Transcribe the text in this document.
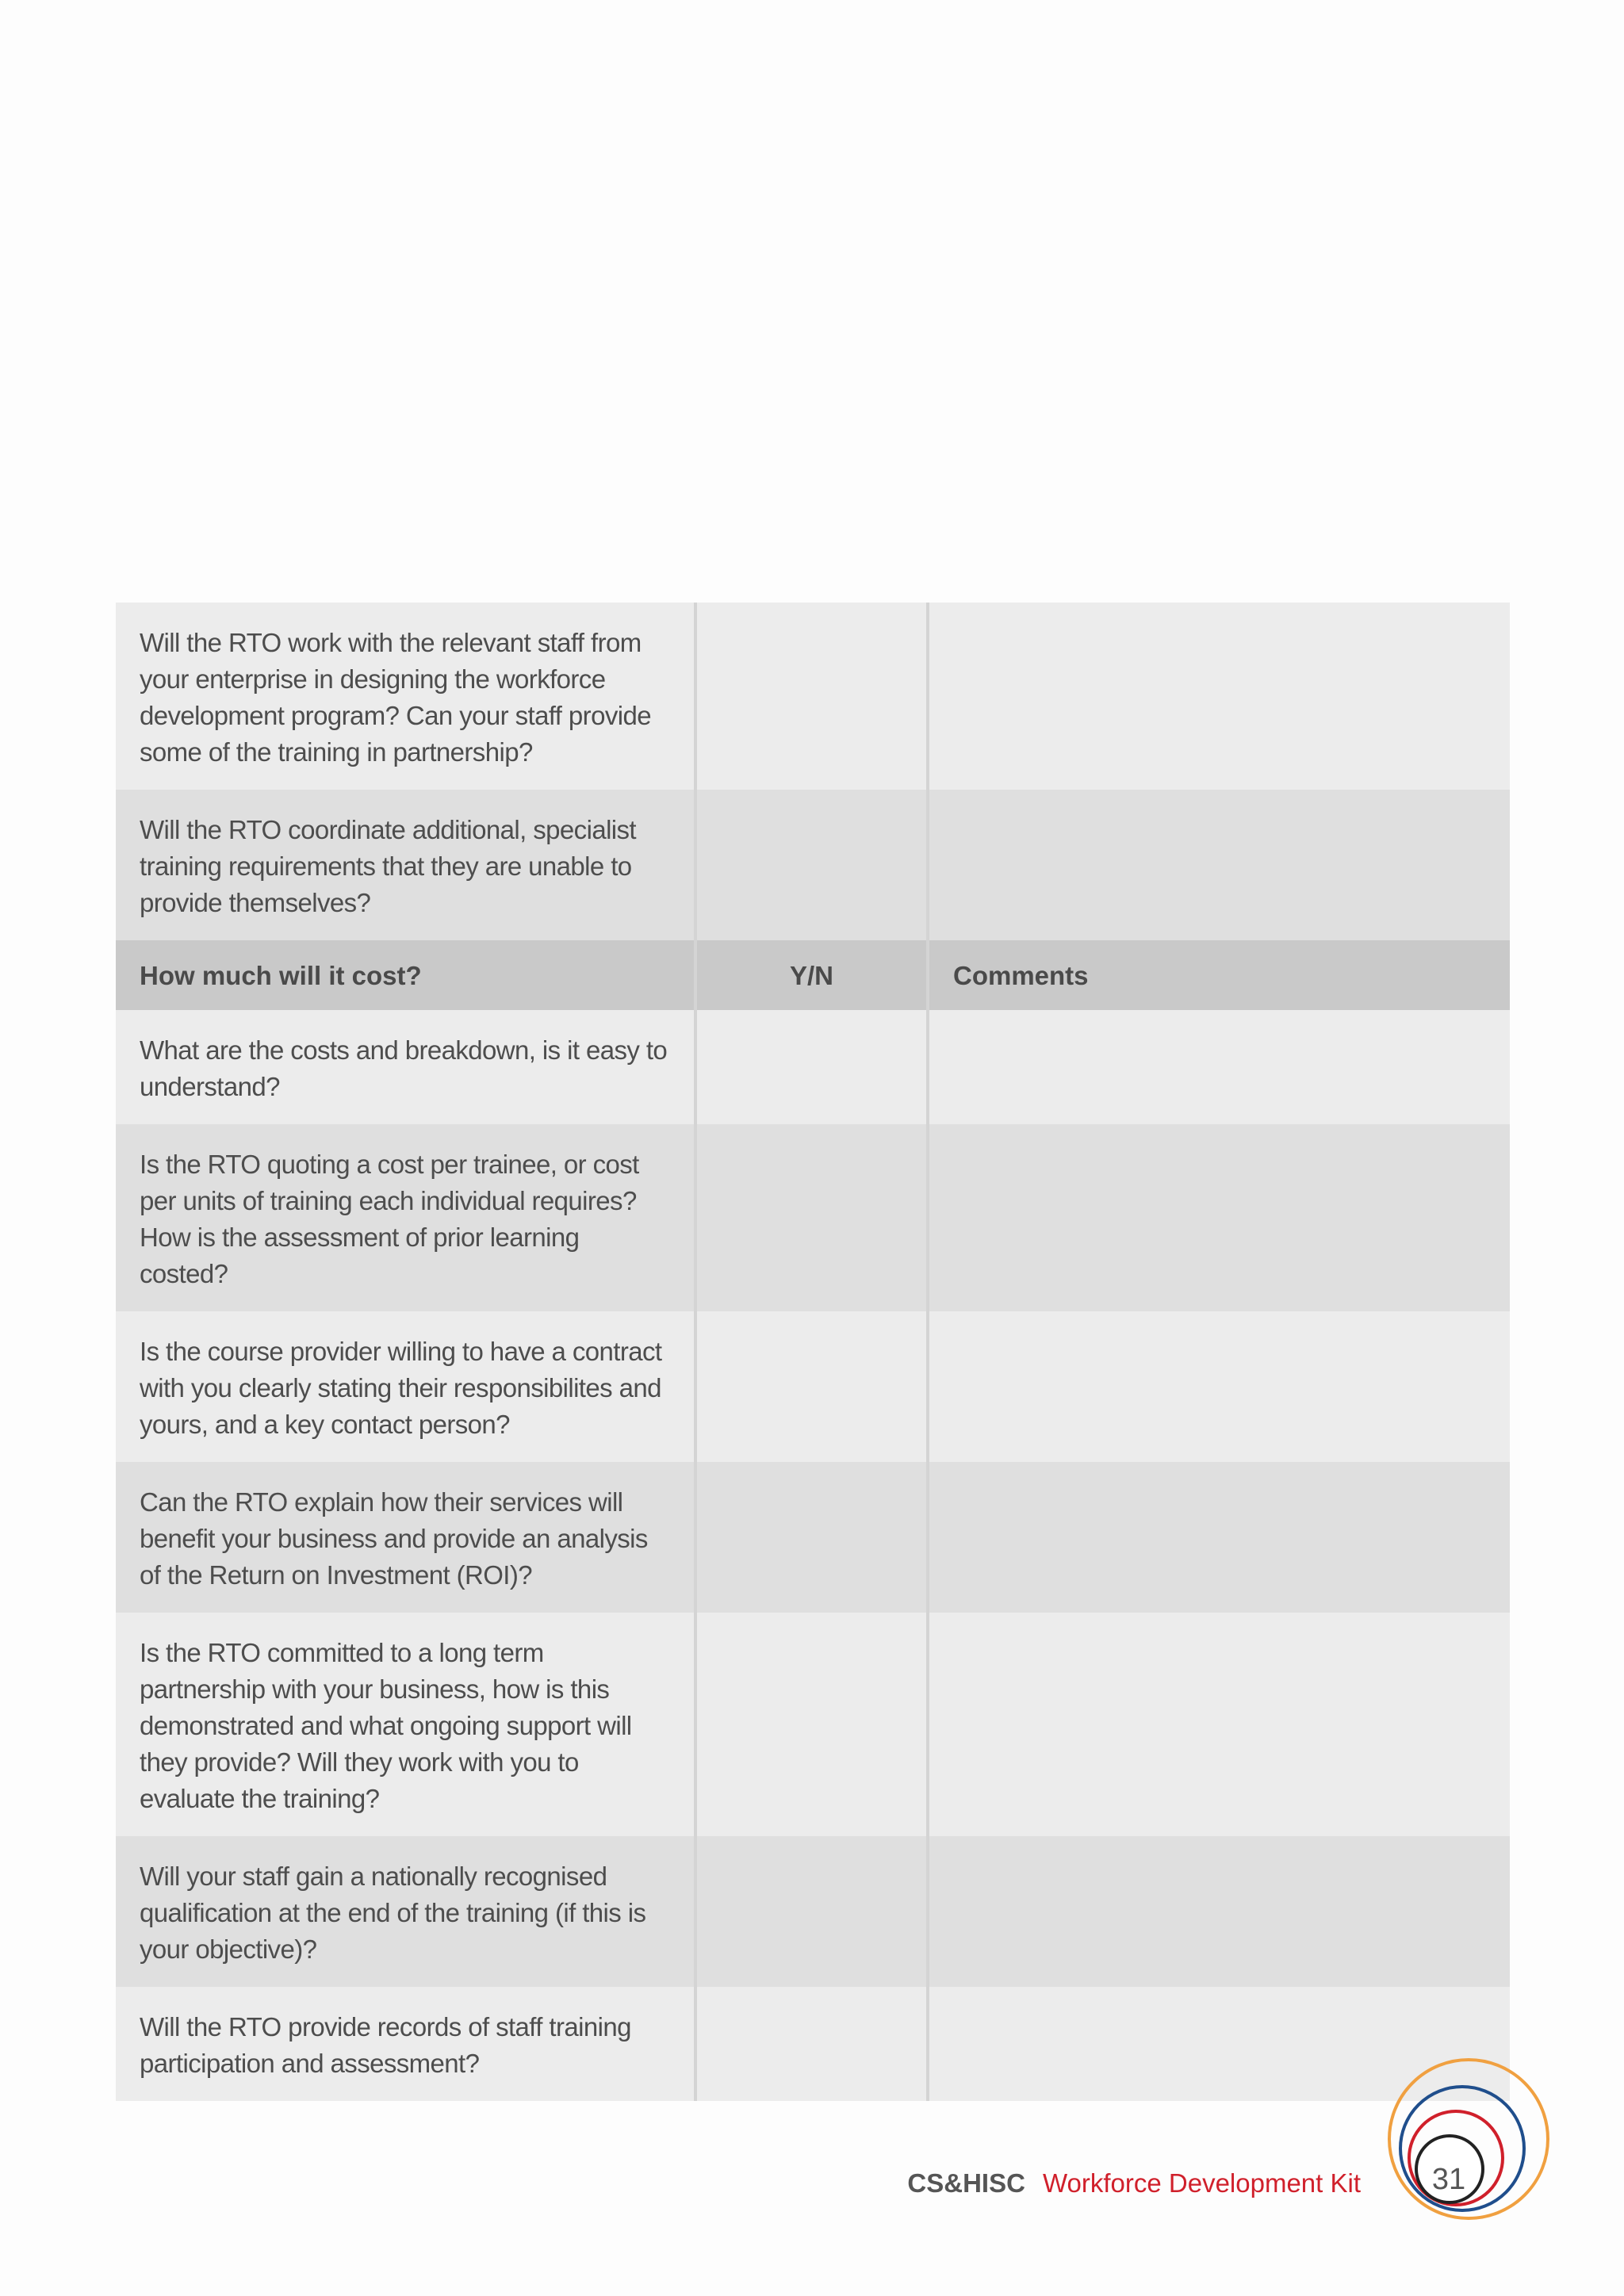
Will the RTO work with the relevant staff from your enterprise in designing the workforce development program? Can your staff provide some of the training in partnership?		
Will the RTO coordinate additional, specialist training requirements that they are unable to provide themselves?		
How much will it cost?	Y/N	Comments
What are the costs and breakdown, is it easy to understand?		
Is the RTO quoting a cost per trainee, or cost per units of training each individual requires? How is the assessment of prior learning costed?		
Is the course provider willing to have a contract with you clearly stating their responsibilites and yours, and a key contact person?		
Can the RTO explain how their services will benefit your business and provide an analysis of the Return on Investment (ROI)?		
Is the RTO committed to a long term partnership with your business, how is this demonstrated and what ongoing support will they provide? Will they work with you to evaluate the training?		
Will your staff gain a nationally recognised qualification at the end of the training (if this is your objective)?		
Will the RTO provide records of staff training participation and assessment?		
CS&HISC Workforce Development Kit 31
